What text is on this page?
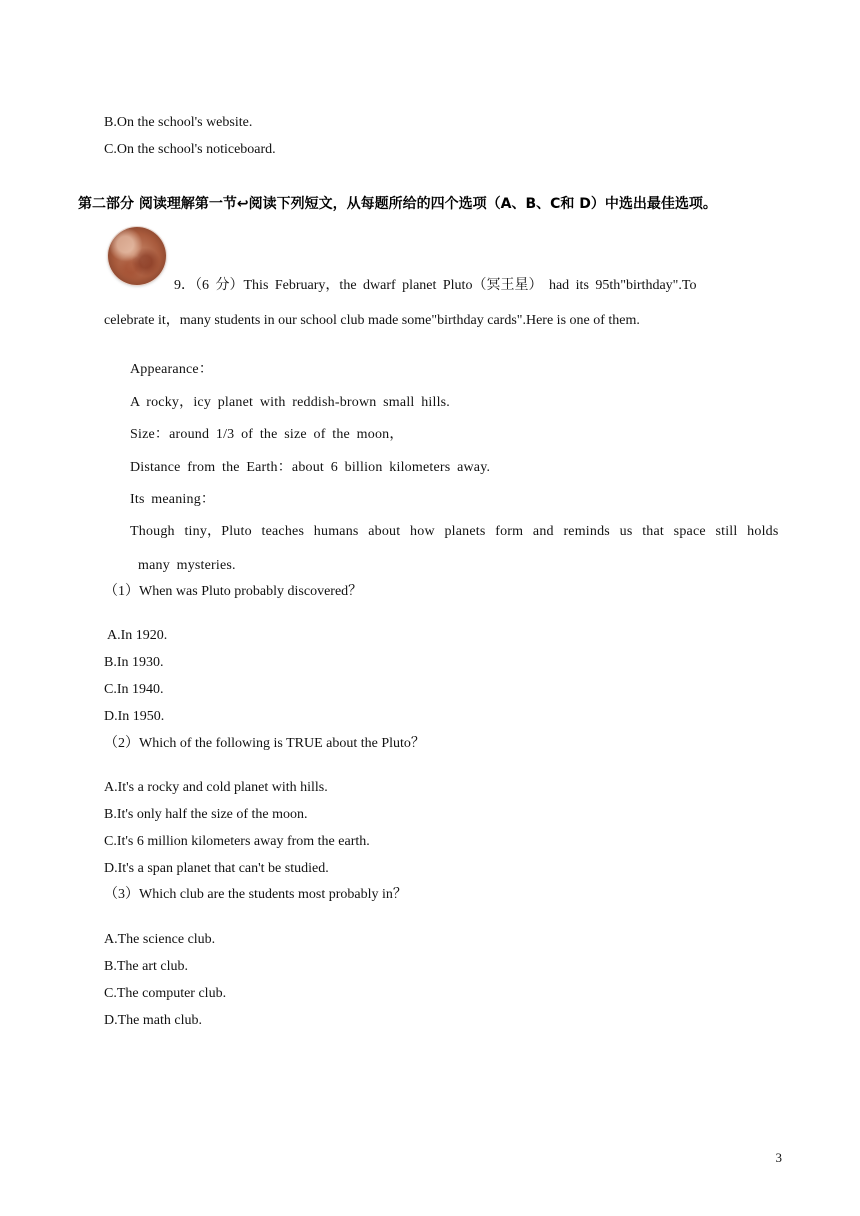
B.On the school's website.
C.On the school's noticeboard.
第二部分 阅读理解第一节↩阅读下列短文，从每题所给的四个选项（A、B、C和 D）中选出最佳选项。
9．（6 分）This February，the dwarf planet Pluto（冥王星） had its 95th"birthday".To
celebrate it，many students in our school club made some"birthday cards".Here is one of them.
Appearance：
A rocky，icy planet with reddish-brown small hills.
Size：around 1/3 of the size of the moon，
Distance from the Earth：about 6 billion kilometers away.
Its meaning：
Though tiny，Pluto teaches humans about how planets form and reminds us that space still holds
many mysteries.
（1）When was Pluto probably discovered？
A.In 1920.
B.In 1930.
C.In 1940.
D.In 1950.
（2）Which of the following is TRUE about the Pluto？
A.It's a rocky and cold planet with hills.
B.It's only half the size of the moon.
C.It's 6 million kilometers away from the earth.
D.It's a span planet that can't be studied.
（3）Which club are the students most probably in？
A.The science club.
B.The art club.
C.The computer club.
D.The math club.
3
